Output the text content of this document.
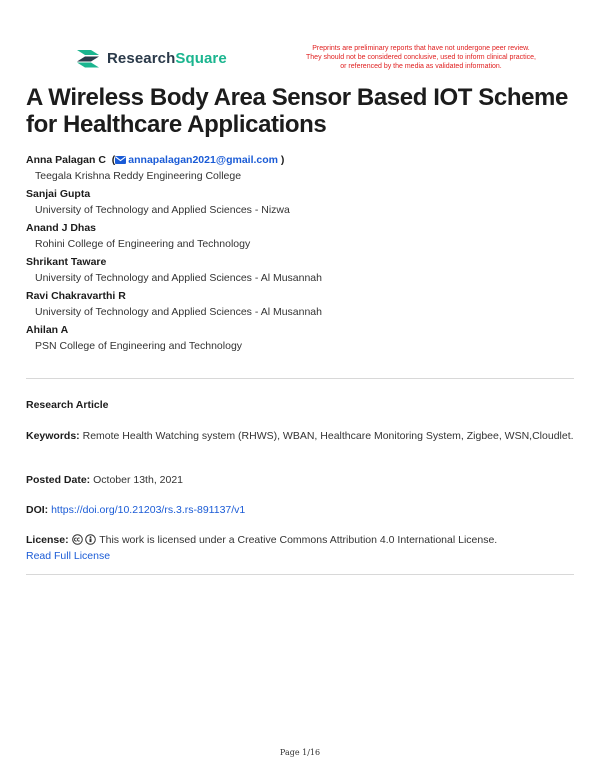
ResearchSquare
Preprints are preliminary reports that have not undergone peer review.
They should not be considered conclusive, used to inform clinical practice,
or referenced by the media as validated information.
A Wireless Body Area Sensor Based IOT Scheme for Healthcare Applications
Anna Palagan C  ( annapalagan2021@gmail.com )
Teegala Krishna Reddy Engineering College
Sanjai Gupta
University of Technology and Applied Sciences - Nizwa
Anand J Dhas
Rohini College of Engineering and Technology
Shrikant Taware
University of Technology and Applied Sciences - Al Musannah
Ravi Chakravarthi R
University of Technology and Applied Sciences - Al Musannah
Ahilan A
PSN College of Engineering and Technology
Research Article
Keywords: Remote Health Watching system (RHWS), WBAN, Healthcare Monitoring System, Zigbee, WSN,Cloudlet.
Posted Date: October 13th, 2021
DOI: https://doi.org/10.21203/rs.3.rs-891137/v1
License:	This work is licensed under a Creative Commons Attribution 4.0 International License.
Read Full License
Page 1/16
